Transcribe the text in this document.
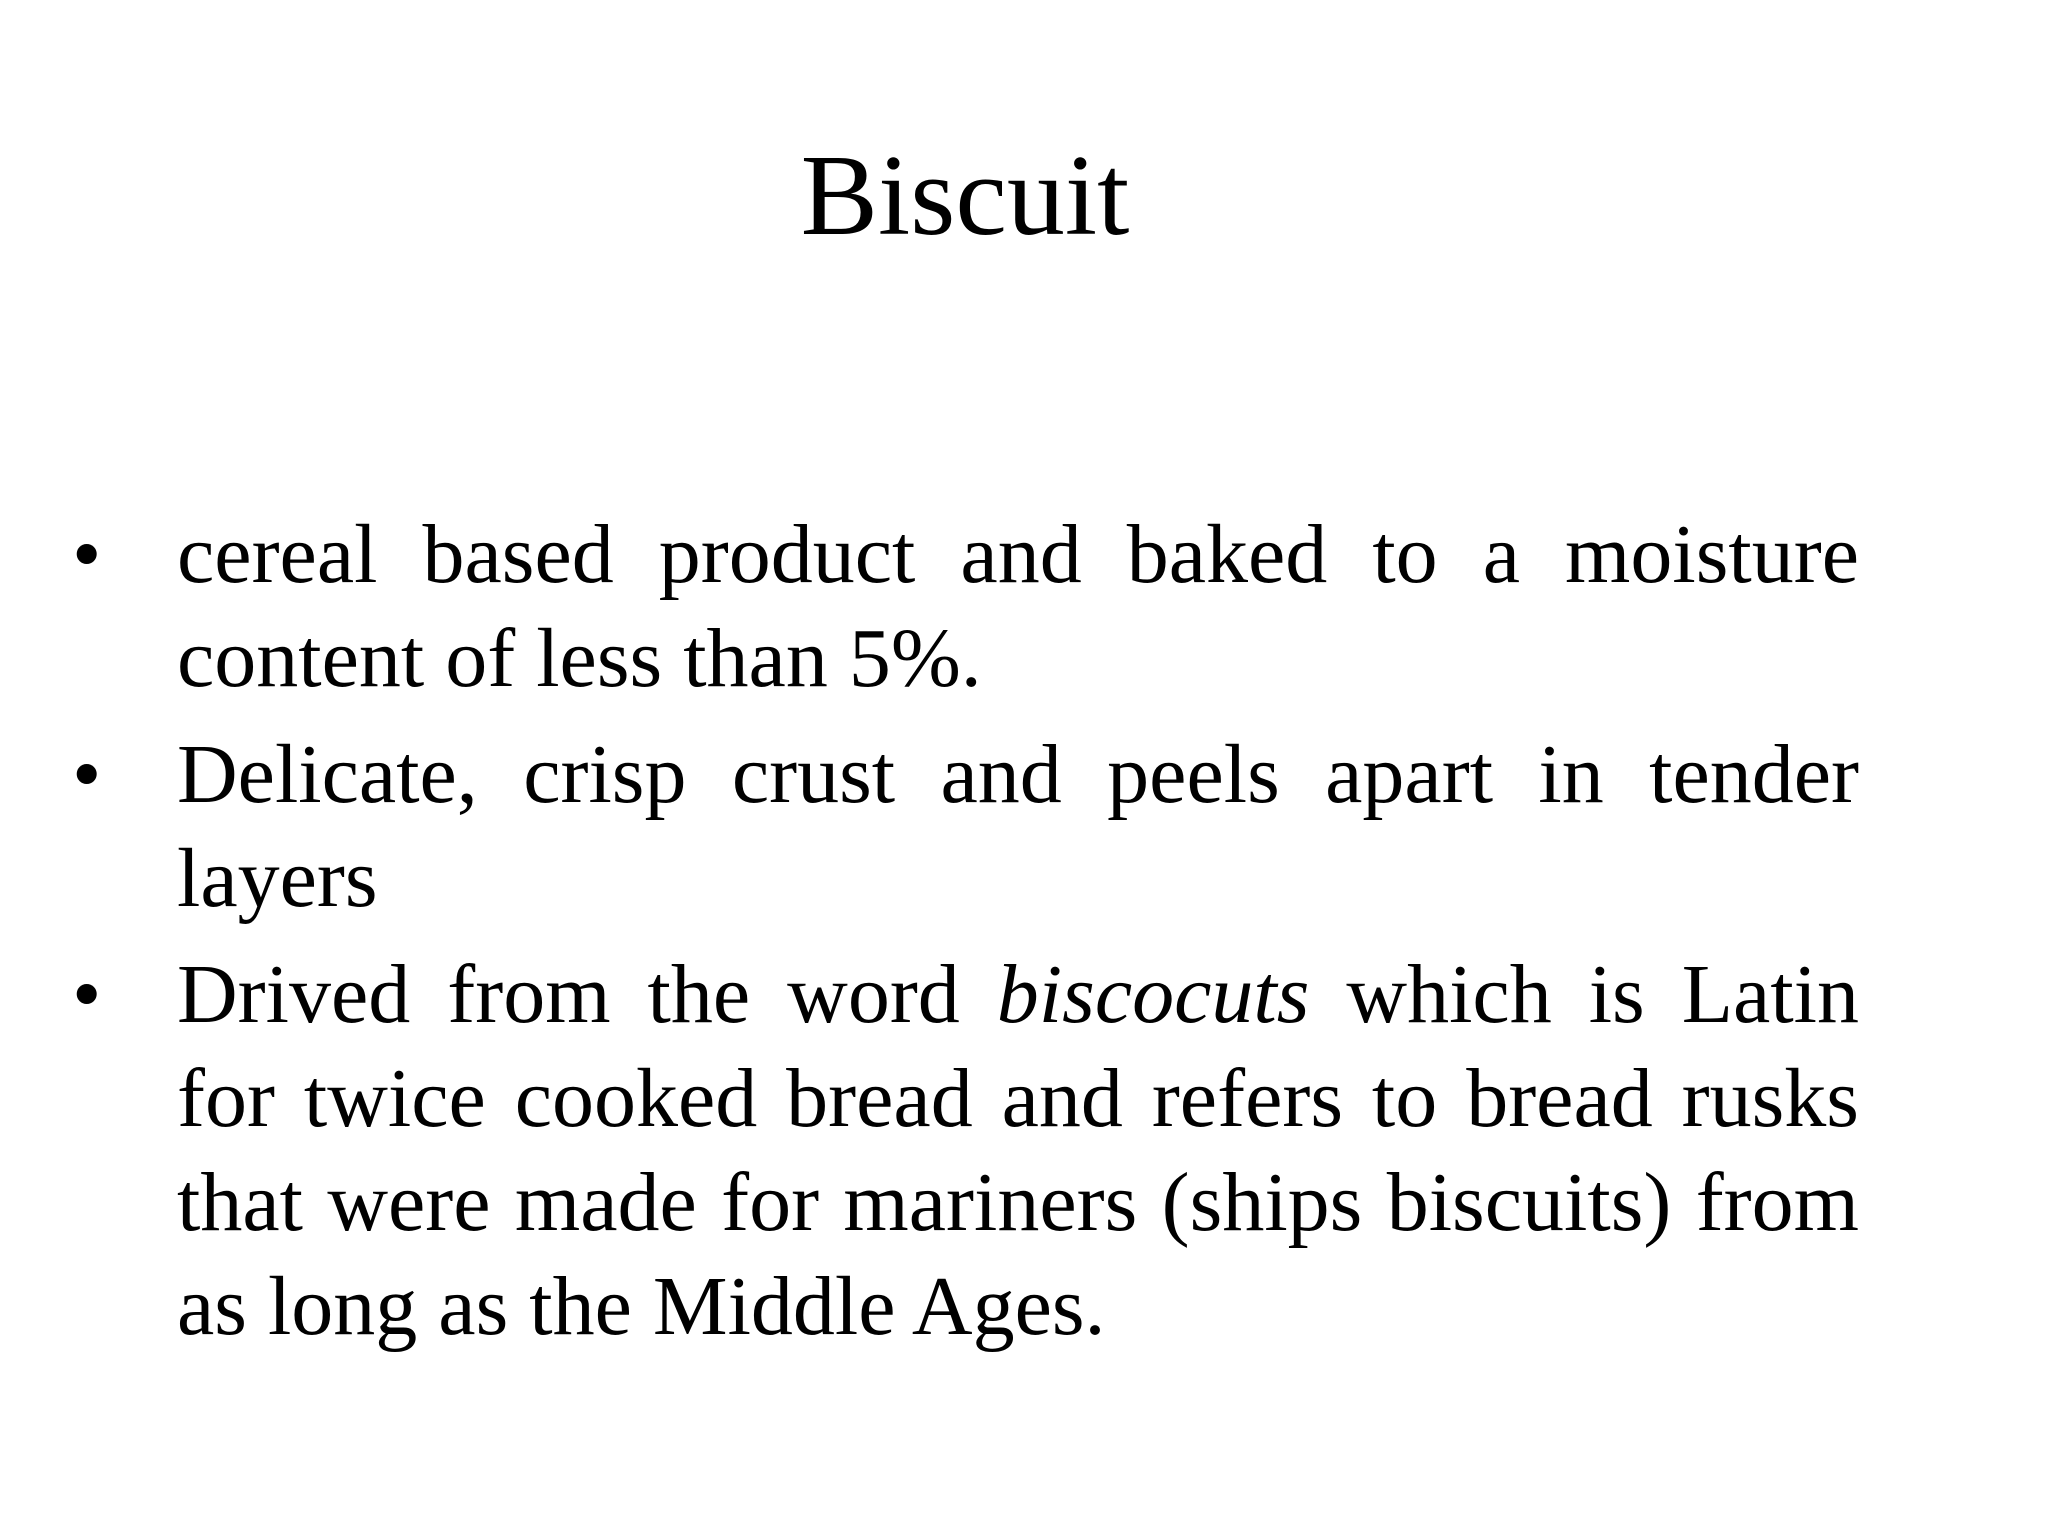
Biscuit
• cereal based product and baked to a moisture content of less than 5%.
• Delicate, crisp crust and peels apart in tender layers
• Drived from the word biscocuts which is Latin for twice cooked bread and refers to bread rusks that were made for mariners (ships biscuits) from as long as the Middle Ages.
